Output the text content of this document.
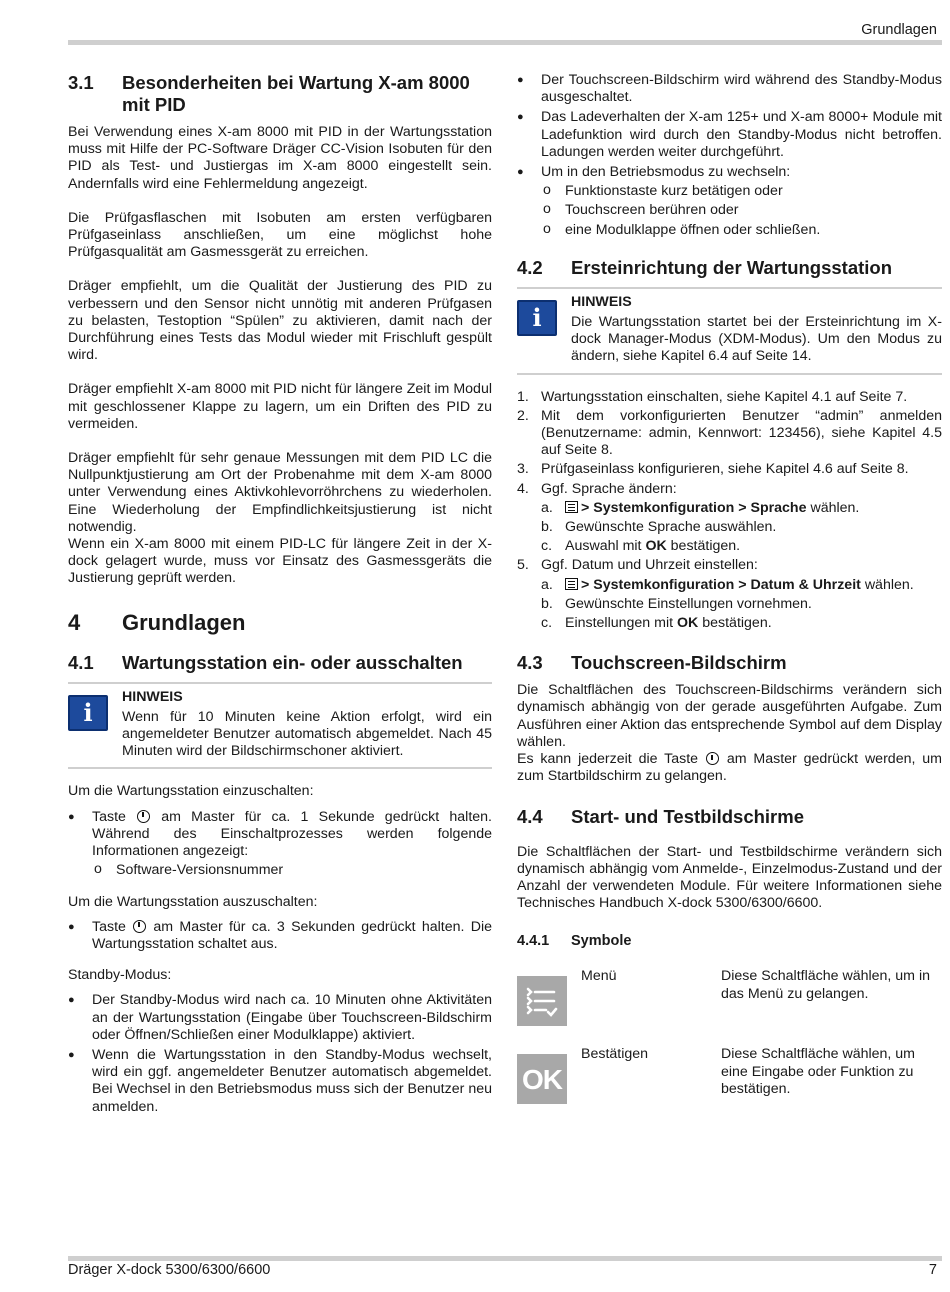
Grundlagen
3.1	Besonderheiten bei Wartung X-am 8000 mit PID

Bei Verwendung eines X-am 8000 mit PID in der Wartungsstation muss mit Hilfe der PC-Software Dräger CC-Vision Isobuten für den PID als Test- und Justiergas im X-am 8000 eingestellt sein. Andernfalls wird eine Fehlermeldung angezeigt.

Die Prüfgasflaschen mit Isobuten am ersten verfügbaren Prüfgaseinlass anschließen, um eine möglichst hohe Prüfgasqualität am Gasmessgerät zu erreichen.

Dräger empfiehlt, um die Qualität der Justierung des PID zu verbessern und den Sensor nicht unnötig mit anderen Prüfgasen zu belasten, Testoption “Spülen” zu aktivieren, damit nach der Durchführung eines Tests das Modul wieder mit Frischluft gespült wird.

Dräger empfiehlt X-am 8000 mit PID nicht für längere Zeit im Modul mit geschlossener Klappe zu lagern, um ein Driften des PID zu vermeiden.

Dräger empfiehlt für sehr genaue Messungen mit dem PID LC die Nullpunktjustierung am Ort der Probenahme mit dem X-am 8000 unter Verwendung eines Aktivkohlevorröhrchens zu wiederholen. Eine Wiederholung der Empfindlichkeitsjustierung ist nicht notwendig.

Wenn ein X-am 8000 mit einem PID-LC für längere Zeit in der X-dock gelagert wurde, muss vor Einsatz des Gasmessgeräts die Justierung geprüft werden.

4	Grundlagen
4.1	Wartungsstation ein- oder ausschalten
i
HINWEIS

Wenn für 10 Minuten keine Aktion erfolgt, wird ein angemeldeter Benutzer automatisch abgemeldet. Nach 45 Minuten wird der Bildschirmschoner aktiviert.

Um die Wartungsstation einzuschalten:

● Taste am Master für ca. 1 Sekunde gedrückt halten. Während des Einschaltprozesses werden folgende Informationen angezeigt:
o Software-Versionsnummer

Um die Wartungsstation auszuschalten:

● Taste am Master für ca. 3 Sekunden gedrückt halten. Die Wartungsstation schaltet aus.

Standby-Modus:

● Der Standby-Modus wird nach ca. 10 Minuten ohne Aktivitäten an der Wartungsstation (Eingabe über Touchscreen-Bildschirm oder Öffnen/Schließen einer Modulklappe) aktiviert.
● Wenn die Wartungsstation in den Standby-Modus wechselt, wird ein ggf. angemeldeter Benutzer automatisch abgemeldet. Bei Wechsel in den Betriebsmodus muss sich der Benutzer neu anmelden.
● Der Touchscreen-Bildschirm wird während des Standby-Modus ausgeschaltet.
● Das Ladeverhalten der X-am 125+ und X-am 8000+ Module mit Ladefunktion wird durch den Standby-Modus nicht betroffen. Ladungen werden weiter durchgeführt.
● Um in den Betriebsmodus zu wechseln:
o Funktionstaste kurz betätigen oder
o Touchscreen berühren oder
o eine Modulklappe öffnen oder schließen.
4.2	Ersteinrichtung der Wartungsstation
i
HINWEIS

Die Wartungsstation startet bei der Ersteinrichtung im X-dock Manager-Modus (XDM-Modus). Um den Modus zu ändern, siehe Kapitel 6.4 auf Seite 14.

1. Wartungsstation einschalten, siehe Kapitel 4.1 auf Seite 7.
2. Mit dem vorkonfigurierten Benutzer “admin” anmelden (Benutzername: admin, Kennwort: 123456), siehe Kapitel 4.5 auf Seite 8.
3. Prüfgaseinlass konfigurieren, siehe Kapitel 4.6 auf Seite 8.
4. Ggf. Sprache ändern:
a. > Systemkonfiguration > Sprache wählen.
b. Gewünschte Sprache auswählen.
c. Auswahl mit OK bestätigen.
5. Ggf. Datum und Uhrzeit einstellen:
a. > Systemkonfiguration > Datum & Uhrzeit wählen.
b. Gewünschte Einstellungen vornehmen.
c. Einstellungen mit OK bestätigen.
4.3	Touchscreen-Bildschirm

Die Schaltflächen des Touchscreen-Bildschirms verändern sich dynamisch abhängig von der gerade ausgeführten Aufgabe. Zum Ausführen einer Aktion das entsprechende Symbol auf dem Display wählen.

Es kann jederzeit die Taste am Master gedrückt werden, um zum Startbildschirm zu gelangen.

4.4	Start- und Testbildschirme

Die Schaltflächen der Start- und Testbildschirme verändern sich dynamisch abhängig vom Anmelde-, Einzelmodus-Zustand und der Anzahl der verwendeten Module. Für weitere Informationen siehe Technisches Handbuch X-dock 5300/6300/6600.

4.4.1	Symbole
Menü	Diese Schaltfläche wählen, um in das Menü zu gelangen.
OK
Bestätigen	Diese Schaltfläche wählen, um eine Eingabe oder Funktion zu bestätigen.
Dräger X-dock 5300/6300/6600	7
